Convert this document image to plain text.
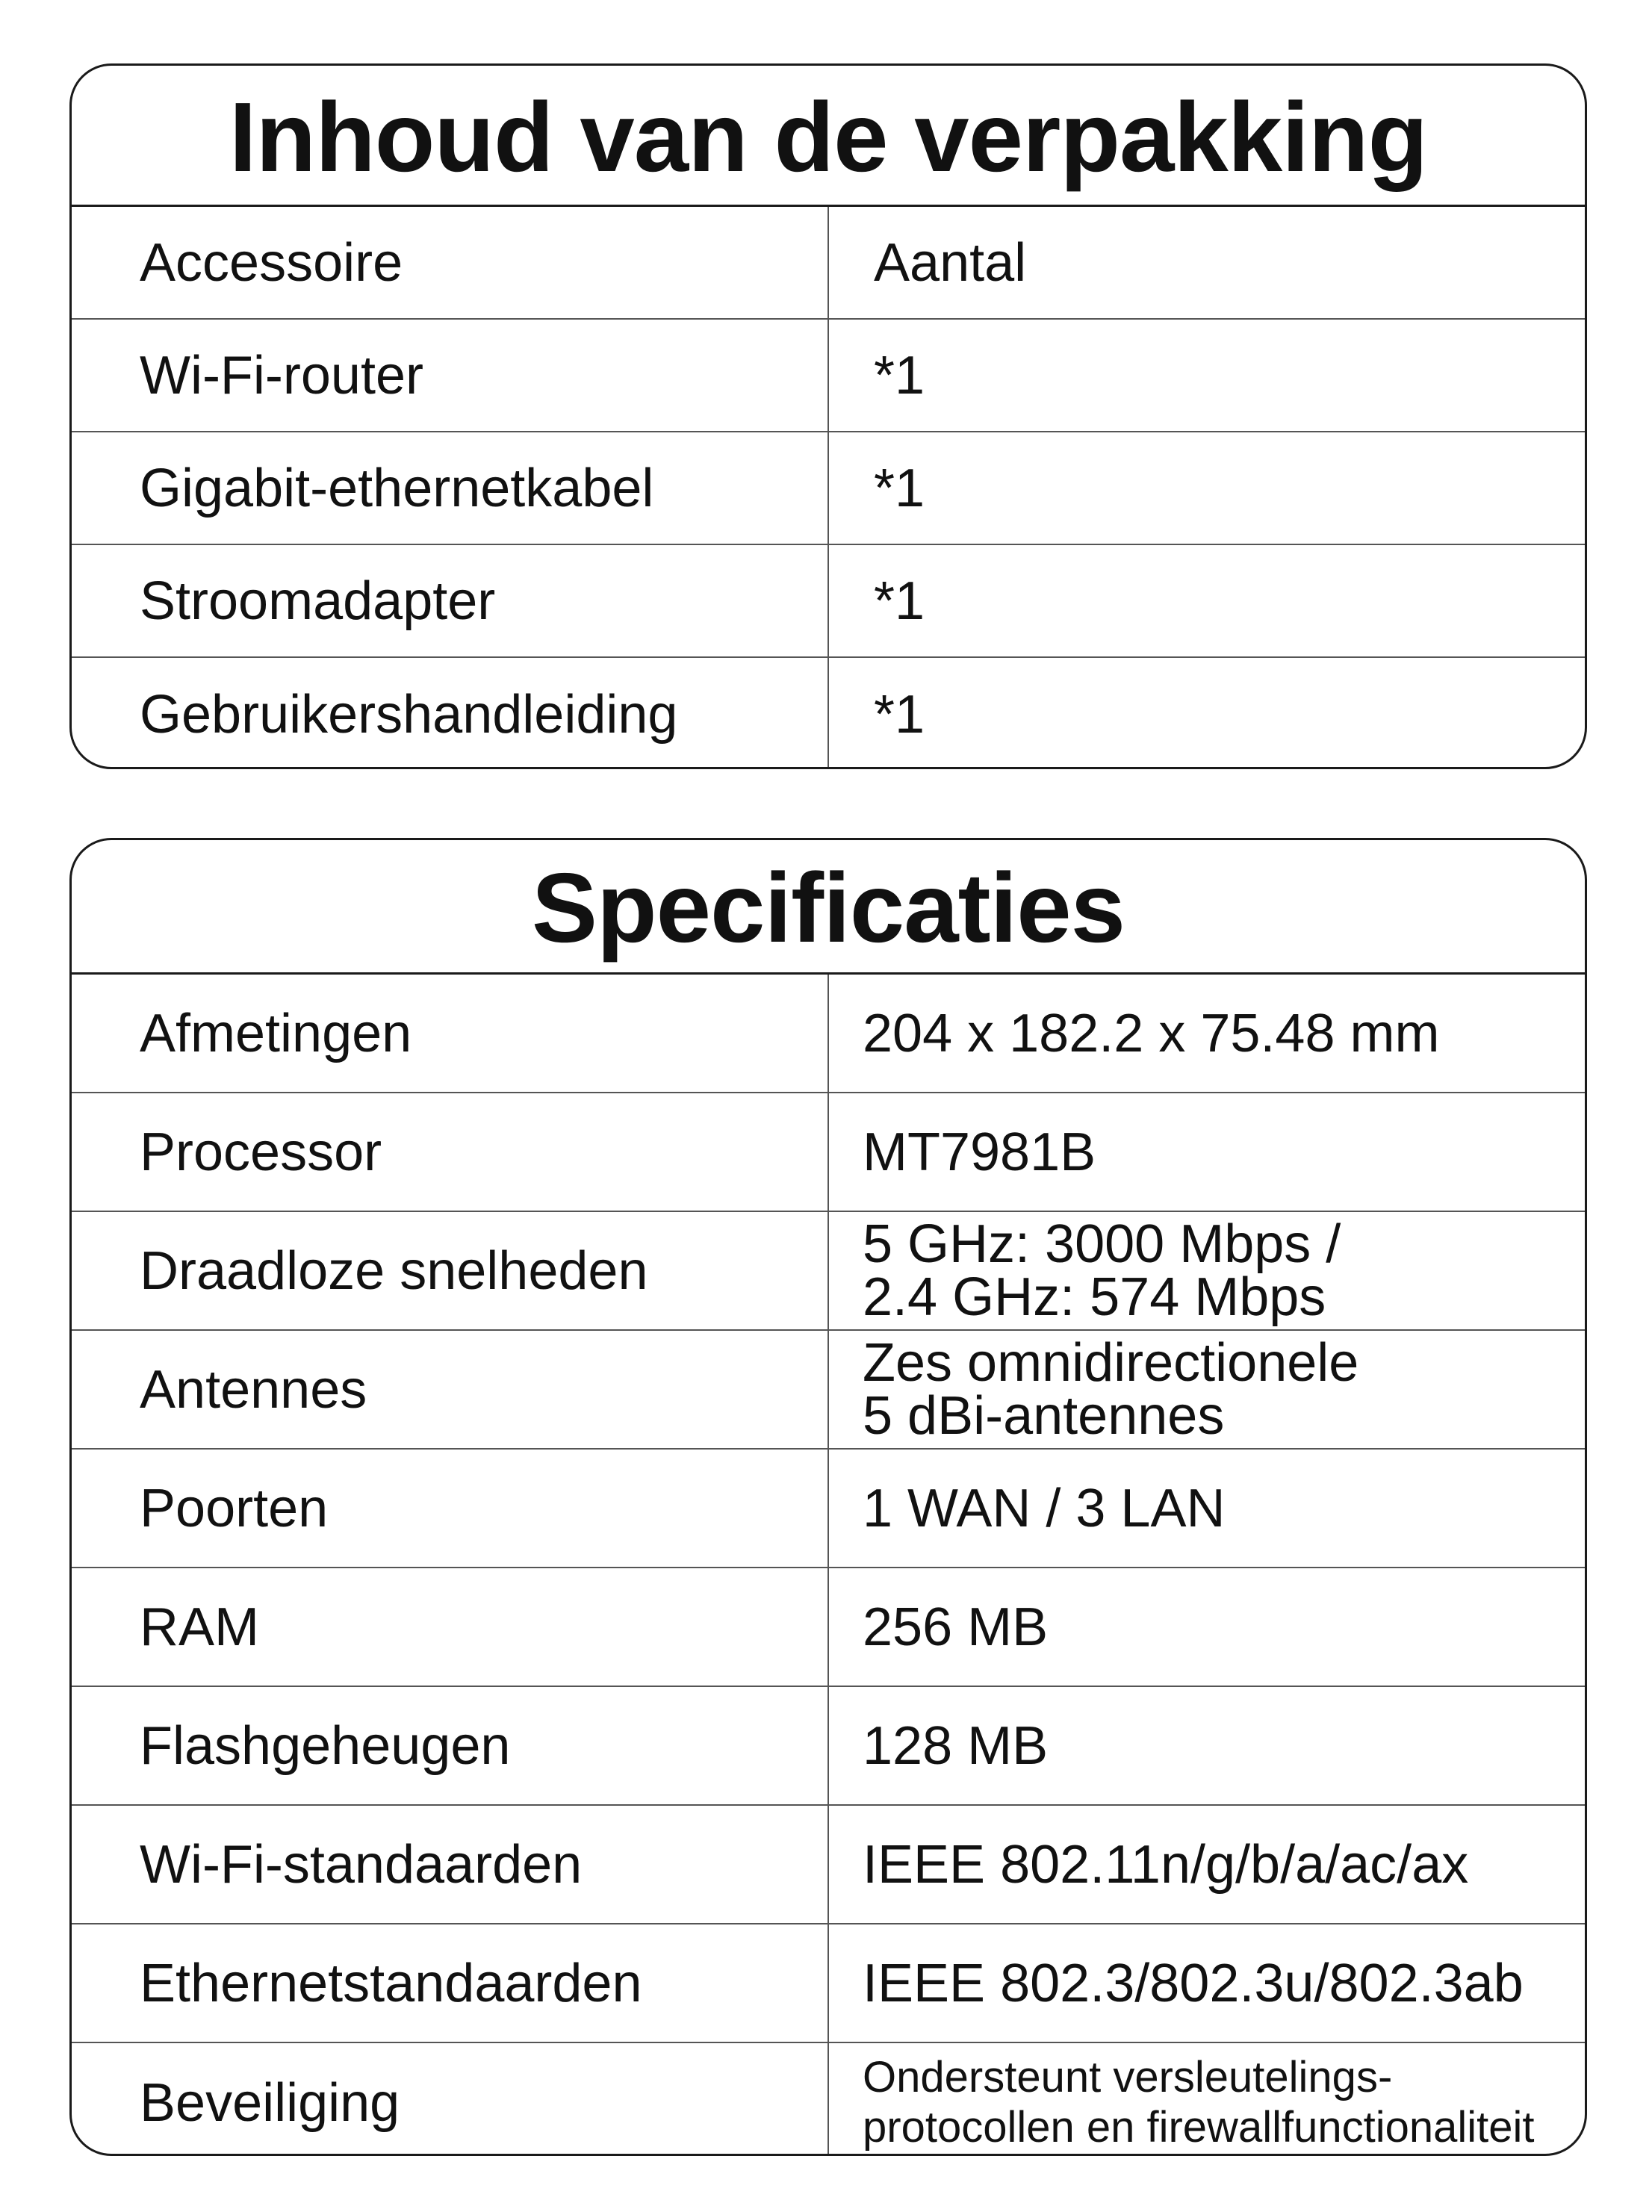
Inhoud van de verpakking
Accessoire	Aantal
Wi-Fi-router	*1
Gigabit-ethernetkabel	*1
Stroomadapter	*1
Gebruikershandleiding	*1
Specificaties
Afmetingen	204 x 182.2 x 75.48 mm
Processor	MT7981B
Draadloze snelheden	5 GHz: 3000 Mbps /
2.4 GHz: 574 Mbps
Antennes	Zes omnidirectionele
5 dBi-antennes
Poorten	1 WAN / 3 LAN
RAM	256 MB
Flashgeheugen	128 MB
Wi-Fi-standaarden	IEEE 802.11n/g/b/a/ac/ax
Ethernetstandaarden	IEEE 802.3/802.3u/802.3ab
Beveiliging	Ondersteunt versleutelings-
protocollen en firewallfunctionaliteit
